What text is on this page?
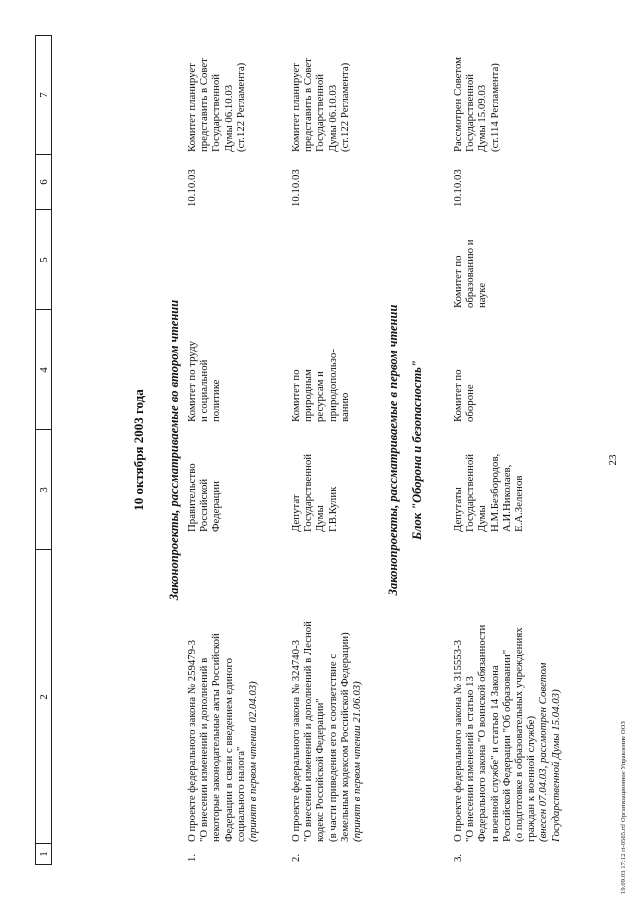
23
1
2
3
4
5
6
7
10 октября 2003 года Законопроекты, рассматриваемые во втором чтении
1.
О проекте федерального закона № 259479-3 "О внесении изменений и дополнений в некоторые законодательные акты Российской Федерации в связи с введением единого социального налога" (принят в первом чтении 02.04.03)
Правительство Российской Федерации
Комитет по труду и социальной политике
10.10.03
Комитет планирует представить в Совет Государственной Думы 06.10.03 (ст.122 Регламента)
2.
О проекте федерального закона № 324740-3 "О внесении изменений и дополнений в Лесной кодекс Российской Федерации" (в части приведения его в соответствие с Земельным кодексом Российской Федерации) (принят в первом чтении 21.06.03)
Депутат Государственной Думы Г.В.Кулик
Комитет по природным ресурсам и природопользо- ванию
10.10.03
Комитет планирует представить в Совет Государственной Думы 06.10.03 (ст.122 Регламента)
Законопроекты, рассматриваемые в первом чтении Блок "Оборона и безопасность"
3.
О проекте федерального закона № 315553-3 "О внесении изменений в статью 13 Федерального закона "О воинской обязанности и военной службе" и статью 14 Закона Российской Федерации "Об образовании" (о подготовке в образовательных учреждениях граждан к военной службе) (внесен 07.04.03, рассмотрен Советом Государственной Думы 15.04.03)
Депутаты Государственной Думы Н.М.Безбородов, А.И.Николаев, Е.А.Зеленов
Комитет по обороне
Комитет по образованию и науке
10.10.03
Рассмотрен Советом Государственной Думы 15.09.03 (ст.114 Регламента)
19.09.03 17:12 rt-0565.rtf Организационное Управление ООЗ
